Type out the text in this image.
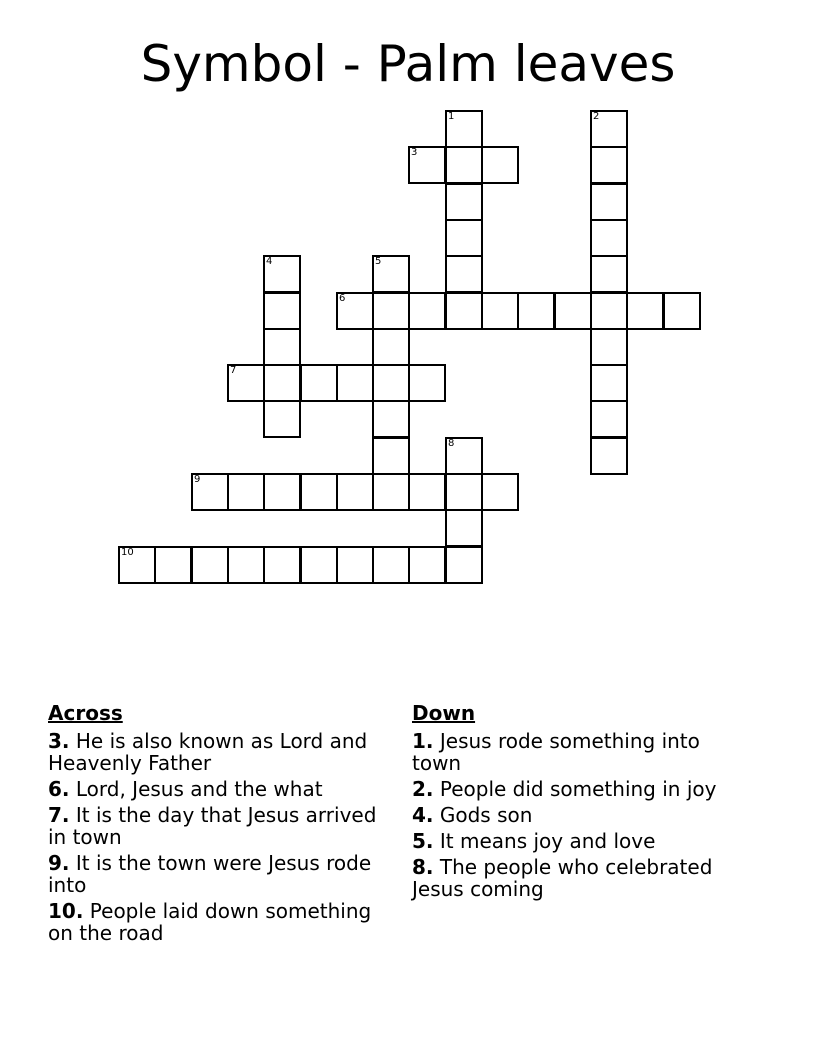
Symbol - Palm leaves
1	2
3
4	5
6
7
8
9
10
Across
3. He is also known as Lord and Heavenly Father
6. Lord, Jesus and the what
7. It is the day that Jesus arrived in town
9. It is the town were Jesus rode into
10. People laid down something on the road
Down
1. Jesus rode something into town
2. People did something in joy
4. Gods son
5. It means joy and love
8. The people who celebrated Jesus coming
